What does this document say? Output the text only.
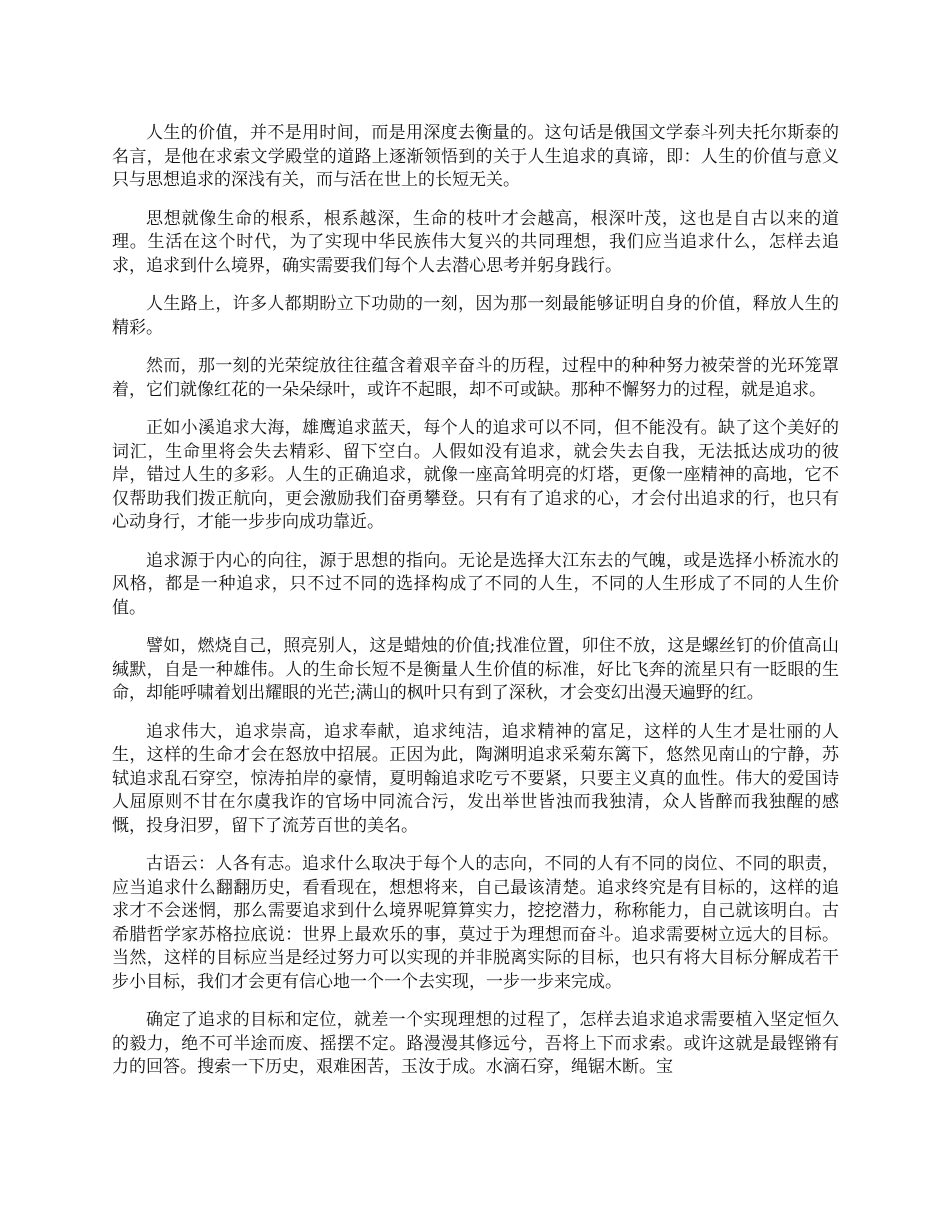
人生的价值，并不是用时间，而是用深度去衡量的。这句话是俄国文学泰斗列夫托尔斯泰的名言，是他在求索文学殿堂的道路上逐渐领悟到的关于人生追求的真谛，即：人生的价值与意义只与思想追求的深浅有关，而与活在世上的长短无关。

思想就像生命的根系，根系越深，生命的枝叶才会越高，根深叶茂，这也是自古以来的道理。生活在这个时代，为了实现中华民族伟大复兴的共同理想，我们应当追求什么，怎样去追求，追求到什么境界，确实需要我们每个人去潜心思考并躬身践行。

人生路上，许多人都期盼立下功勋的一刻，因为那一刻最能够证明自身的价值，释放人生的精彩。

然而，那一刻的光荣绽放往往蕴含着艰辛奋斗的历程，过程中的种种努力被荣誉的光环笼罩着，它们就像红花的一朵朵绿叶，或许不起眼，却不可或缺。那种不懈努力的过程，就是追求。

正如小溪追求大海，雄鹰追求蓝天，每个人的追求可以不同，但不能没有。缺了这个美好的词汇，生命里将会失去精彩、留下空白。人假如没有追求，就会失去自我，无法抵达成功的彼岸，错过人生的多彩。人生的正确追求，就像一座高耸明亮的灯塔，更像一座精神的高地，它不仅帮助我们拨正航向，更会激励我们奋勇攀登。只有有了追求的心，才会付出追求的行，也只有心动身行，才能一步步向成功靠近。

追求源于内心的向往，源于思想的指向。无论是选择大江东去的气魄，或是选择小桥流水的风格，都是一种追求，只不过不同的选择构成了不同的人生，不同的人生形成了不同的人生价值。

譬如，燃烧自己，照亮别人，这是蜡烛的价值;找准位置，卯住不放，这是螺丝钉的价值高山缄默，自是一种雄伟。人的生命长短不是衡量人生价值的标准，好比飞奔的流星只有一眨眼的生命，却能呼啸着划出耀眼的光芒;满山的枫叶只有到了深秋，才会变幻出漫天遍野的红。

追求伟大，追求崇高，追求奉献，追求纯洁，追求精神的富足，这样的人生才是壮丽的人生，这样的生命才会在怒放中招展。正因为此，陶渊明追求采菊东篱下，悠然见南山的宁静，苏轼追求乱石穿空，惊涛拍岸的豪情，夏明翰追求吃亏不要紧，只要主义真的血性。伟大的爱国诗人屈原则不甘在尔虞我诈的官场中同流合污，发出举世皆浊而我独清，众人皆醉而我独醒的感慨，投身汨罗，留下了流芳百世的美名。

古语云：人各有志。追求什么取决于每个人的志向，不同的人有不同的岗位、不同的职责，应当追求什么翻翻历史，看看现在，想想将来，自己最该清楚。追求终究是有目标的，这样的追求才不会迷惘，那么需要追求到什么境界呢算算实力，挖挖潜力，称称能力，自己就该明白。古希腊哲学家苏格拉底说：世界上最欢乐的事，莫过于为理想而奋斗。追求需要树立远大的目标。当然，这样的目标应当是经过努力可以实现的并非脱离实际的目标，也只有将大目标分解成若干步小目标，我们才会更有信心地一个一个去实现，一步一步来完成。

确定了追求的目标和定位，就差一个实现理想的过程了，怎样去追求追求需要植入坚定恒久的毅力，绝不可半途而废、摇摆不定。路漫漫其修远兮，吾将上下而求索。或许这就是最铿锵有力的回答。搜索一下历史，艰难困苦，玉汝于成。水滴石穿，绳锯木断。宝
